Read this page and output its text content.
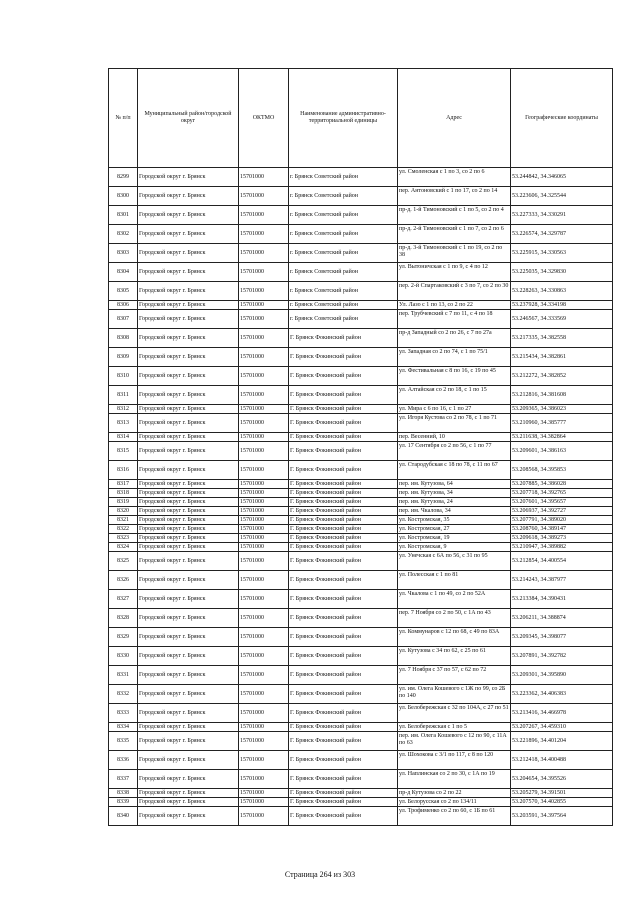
№ п/п	Муниципальный район/городской округ	ОКТМО	Наименование административно-территориальной единицы	Адрес	Географические координаты
8299	Городской округ г. Брянск	15701000	г. Брянск Советский район	ул. Смоленская с 1 по 3, со 2 по 6	53.244842, 34.346065
8300	Городской округ г. Брянск	15701000	г. Брянск Советский район	пер. Антоновский с 1 по 17, со 2 по 14	53.223606, 34.325544
8301	Городской округ г. Брянск	15701000	г. Брянск Советский район	пр-д. 1-й Тимоновский с 1 по 5, со 2 по 4	53.227333, 34.330291
8302	Городской округ г. Брянск	15701000	г. Брянск Советский район	пр-д. 2-й Тимоновский с 1 по 7, со 2 по 6	53.226574, 34.329787
8303	Городской округ г. Брянск	15701000	г. Брянск Советский район	пр-д. 3-й Тимоновский с 1 по 19, со 2 по 38	53.225915, 34.330563
8304	Городской округ г. Брянск	15701000	г. Брянск Советский район	ул. Вытоничская с 1 по 9, с 4 по 12	53.225035, 34.329830
8305	Городской округ г. Брянск	15701000	г. Брянск Советский район	пер. 2-й Спартаковский с 3 по 7, со 2 по 30	53.228263, 34.330863
8306	Городской округ г. Брянск	15701000	г. Брянск Советский район	Ул. Лазо с 1 по 13, со 2 по 22	53.237928, 34.334198
8307	Городской округ г. Брянск	15701000	г. Брянск Советский район	пер. Трубчевский с 7 по 11, с 4 по 18	53.246567, 34.333569
8308	Городской округ г. Брянск	15701000	Г. Брянск Фокинский район	пр-д Западный со 2 по 26, с 7 по 27а	53.217335, 34.382558
8309	Городской округ г. Брянск	15701000	Г. Брянск Фокинский район	ул. Западная со 2 по 74, с 1 по 75/1	53.215434, 34.382861
8310	Городской округ г. Брянск	15701000	Г. Брянск Фокинский район	ул. Фестивальная с 8 по 16, с 19 по 45	53.212272, 34.382852
8311	Городской округ г. Брянск	15701000	Г. Брянск Фокинский район	ул. Алтайская со 2 по 18, с 1 по 15	53.212816, 34.381608
8312	Городской округ г. Брянск	15701000	Г. Брянск Фокинский район	ул. Мира с 6 по 16, с 1 по 27	53.209365, 34.386023
8313	Городской округ г. Брянск	15701000	Г. Брянск Фокинский район	ул. Игоря Кустова со 2 по 78, с 1 по 71	53.210960, 34.385777
8314	Городской округ г. Брянск	15701000	Г. Брянск Фокинский район	пер. Весенний, 10	53.211638, 34.382864
8315	Городской округ г. Брянск	15701000	Г. Брянск Фокинский район	ул. 17 Сентября со 2 по 56, с 1 по 77	53.209601, 34.386163
8316	Городской округ г. Брянск	15701000	Г. Брянск Фокинский район	ул. Стародубская с 18 по 78, с 11 по 67	53.208568, 34.395853
8317	Городской округ г. Брянск	15701000	Г. Брянск Фокинский район	пер. им. Кутузова, 64	53.207885, 34.386028
8318	Городской округ г. Брянск	15701000	Г. Брянск Фокинский район	пер. им. Кутузова, 34	53.207718, 34.392765
8319	Городской округ г. Брянск	15701000	Г. Брянск Фокинский район	пер. им. Кутузова, 24	53.207601, 34.395657
8320	Городской округ г. Брянск	15701000	Г. Брянск Фокинский район	пер. им. Чкалова, 34	53.206937, 34.392727
8321	Городской округ г. Брянск	15701000	Г. Брянск Фокинский район	ул. Костромская, 35	53.207791, 34.389020
8322	Городской округ г. Брянск	15701000	Г. Брянск Фокинский район	ул. Костромская, 27	53.208760, 34.389147
8323	Городской округ г. Брянск	15701000	Г. Брянск Фокинский район	ул. Костромская, 19	53.209618, 34.389273
8324	Городской округ г. Брянск	15701000	Г. Брянск Фокинский район	ул. Костромская, 9	53.210947, 34.389882
8325	Городской округ г. Брянск	15701000	Г. Брянск Фокинский район	ул. Унечская с 6А по 56, с 31 по 95	53.212854, 34.400554
8326	Городской округ г. Брянск	15701000	Г. Брянск Фокинский район	ул. Полесская с 1 по 81	53.214243, 34.387977
8327	Городской округ г. Брянск	15701000	Г. Брянск Фокинский район	ул. Чкалова с 1 по 49, со 2 по 52А	53.213384, 34.390431
8328	Городской округ г. Брянск	15701000	Г. Брянск Фокинский район	пер. 7 Ноября со 2 по 50, с 1А по 43	53.206211, 34.388874
8329	Городской округ г. Брянск	15701000	Г. Брянск Фокинский район	ул. Коммунаров с 12 по 68, с 49 по 83А	53.209345, 34.398077
8330	Городской округ г. Брянск	15701000	Г. Брянск Фокинский район	ул. Кутузова с 34 по 62, с 25 по 61	53.207891, 34.392782
8331	Городской округ г. Брянск	15701000	Г. Брянск Фокинский район	ул. 7 Ноября с 37 по 57, с 62 по 72	53.209301, 34.395890
8332	Городской округ г. Брянск	15701000	Г. Брянск Фокинский район	ул. им. Олега Кошевого с 1Ж по 99, со 2Б по 140	53.223362, 34.406383
8333	Городской округ г. Брянск	15701000	Г. Брянск Фокинский район	ул. Белобережская с 32 по 104А, с 27 по 51	53.213416, 34.466978
8334	Городской округ г. Брянск	15701000	Г. Брянск Фокинский район	ул. Белобережская с 1 по 5	53.207267, 34.459310
8335	Городской округ г. Брянск	15701000	Г. Брянск Фокинский район	пер. им. Олега Кошевого с 12 по 90, с 11А по 63	53.221896, 34.401204
8336	Городской округ г. Брянск	15701000	Г. Брянск Фокинский район	ул. Шохокова с 3/1 по 117, с 8 по 120	53.212418, 34.400488
8337	Городской округ г. Брянск	15701000	Г. Брянск Фокинский район	ул. Наплинская со 2 по 30, с 1А по 19	53.204654, 34.395526
8338	Городской округ г. Брянск	15701000	Г. Брянск Фокинский район	пр-д Кутузова со 2 по 22	53.205279, 34.391501
8339	Городской округ г. Брянск	15701000	Г. Брянск Фокинский район	ул. Белорусская со 2 по 134/11	53.207570, 34.402855
8340	Городской округ г. Брянск	15701000	Г. Брянск Фокинский район	ул. Трофименко со 2 по 60, с 1Б по 61	53.203591, 34.397564
Страница 264 из 303
